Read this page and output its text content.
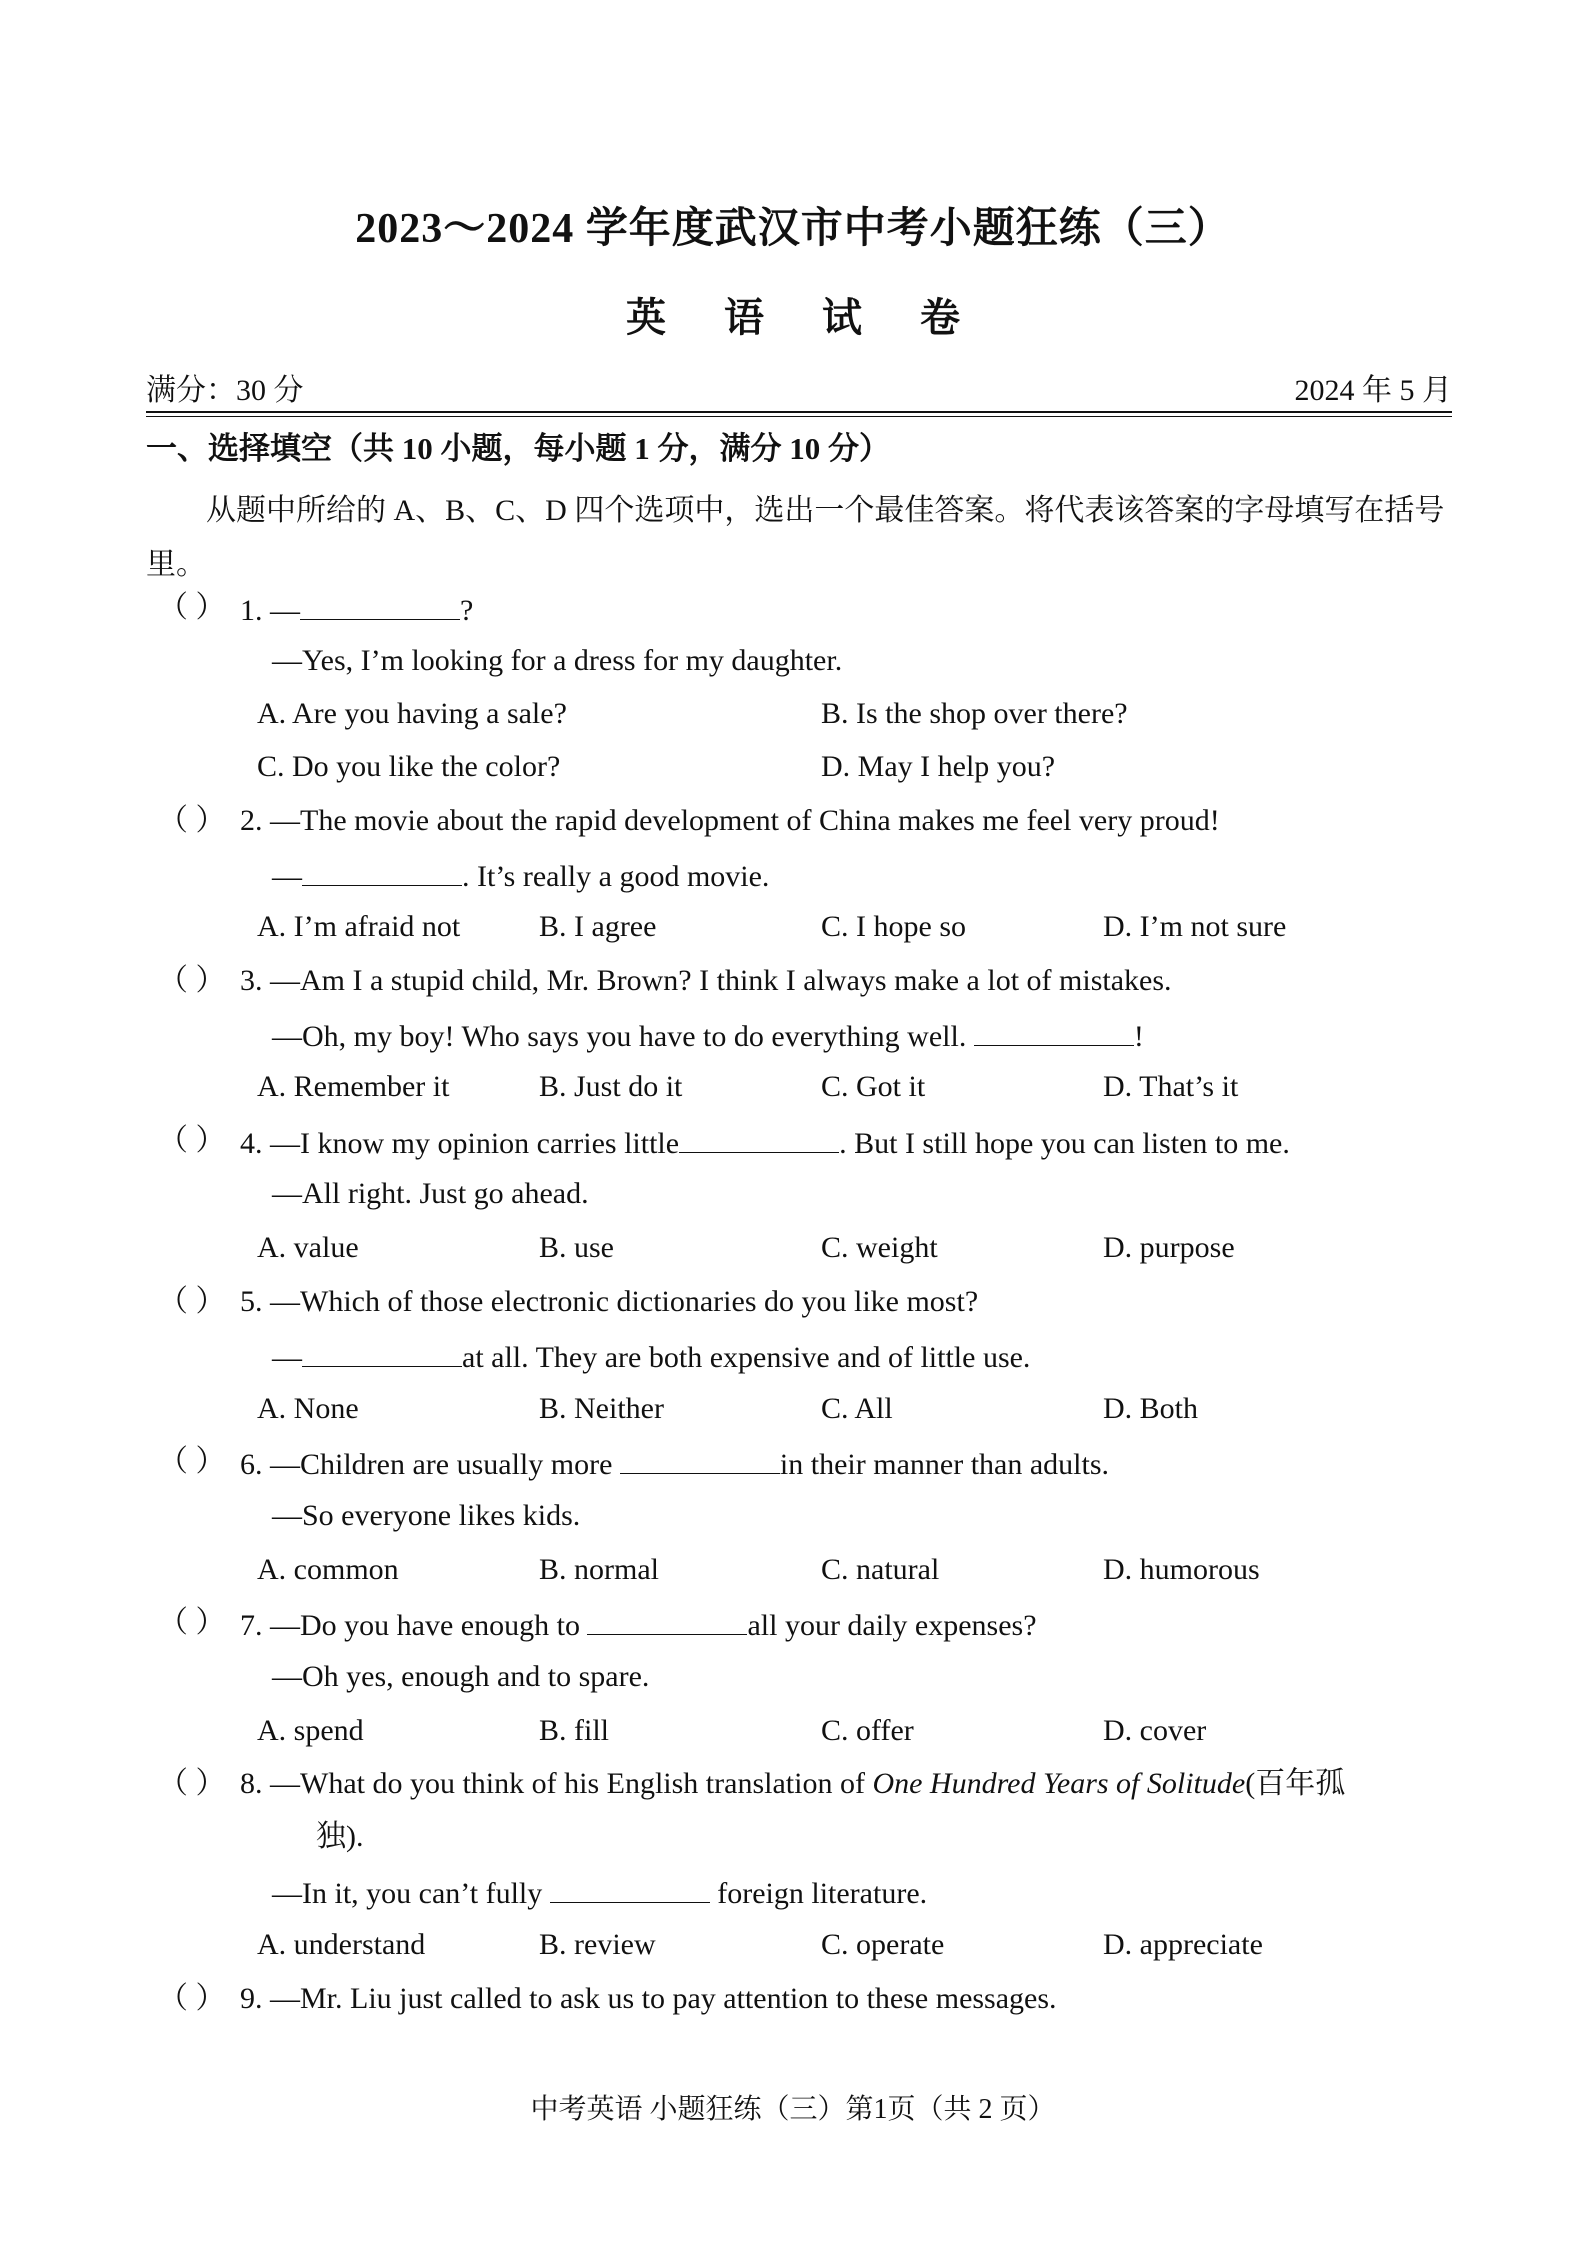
2023～2024 学年度武汉市中考小题狂练（三）
英 语 试 卷
满分：30 分	2024 年 5 月
一、选择填空（共 10 小题，每小题 1 分，满分 10 分）
从题中所给的 A、B、C、D 四个选项中，选出一个最佳答案。将代表该答案的字母填写在括号里。
（ ） 1. —	?
—Yes, I’m looking for a dress for my daughter.
A. Are you having a sale?	B. Is the shop over there?
C. Do you like the color?	D. May I help you?
（ ） 2. —The movie about the rapid development of China makes me feel very proud!
—	. It’s really a good movie.
A. I’m afraid not	B. I agree	C. I hope so	D. I’m not sure
（ ） 3. —Am I a stupid child, Mr. Brown? I think I always make a lot of mistakes.
—Oh, my boy! Who says you have to do everything well.	!
A. Remember it	B. Just do it	C. Got it	D. That’s it
（ ） 4. —I know my opinion carries little	. But I still hope you can listen to me.
—All right. Just go ahead.
A. value	B. use	C. weight	D. purpose
（ ） 5. —Which of those electronic dictionaries do you like most?
—	at all. They are both expensive and of little use.
A. None	B. Neither	C. All	D. Both
（ ） 6. —Children are usually more	in their manner than adults.
—So everyone likes kids.
A. common	B. normal	C. natural	D. humorous
（ ） 7. —Do you have enough to	all your daily expenses?
—Oh yes, enough and to spare.
A. spend	B. fill	C. offer	D. cover
（ ） 8. —What do you think of his English translation of One Hundred Years of Solitude(百年孤
独).
—In it, you can’t fully	foreign literature.
A. understand	B. review	C. operate	D. appreciate
（ ） 9. —Mr. Liu just called to ask us to pay attention to these messages.
中考英语 小题狂练（三）第1页（共 2 页）
